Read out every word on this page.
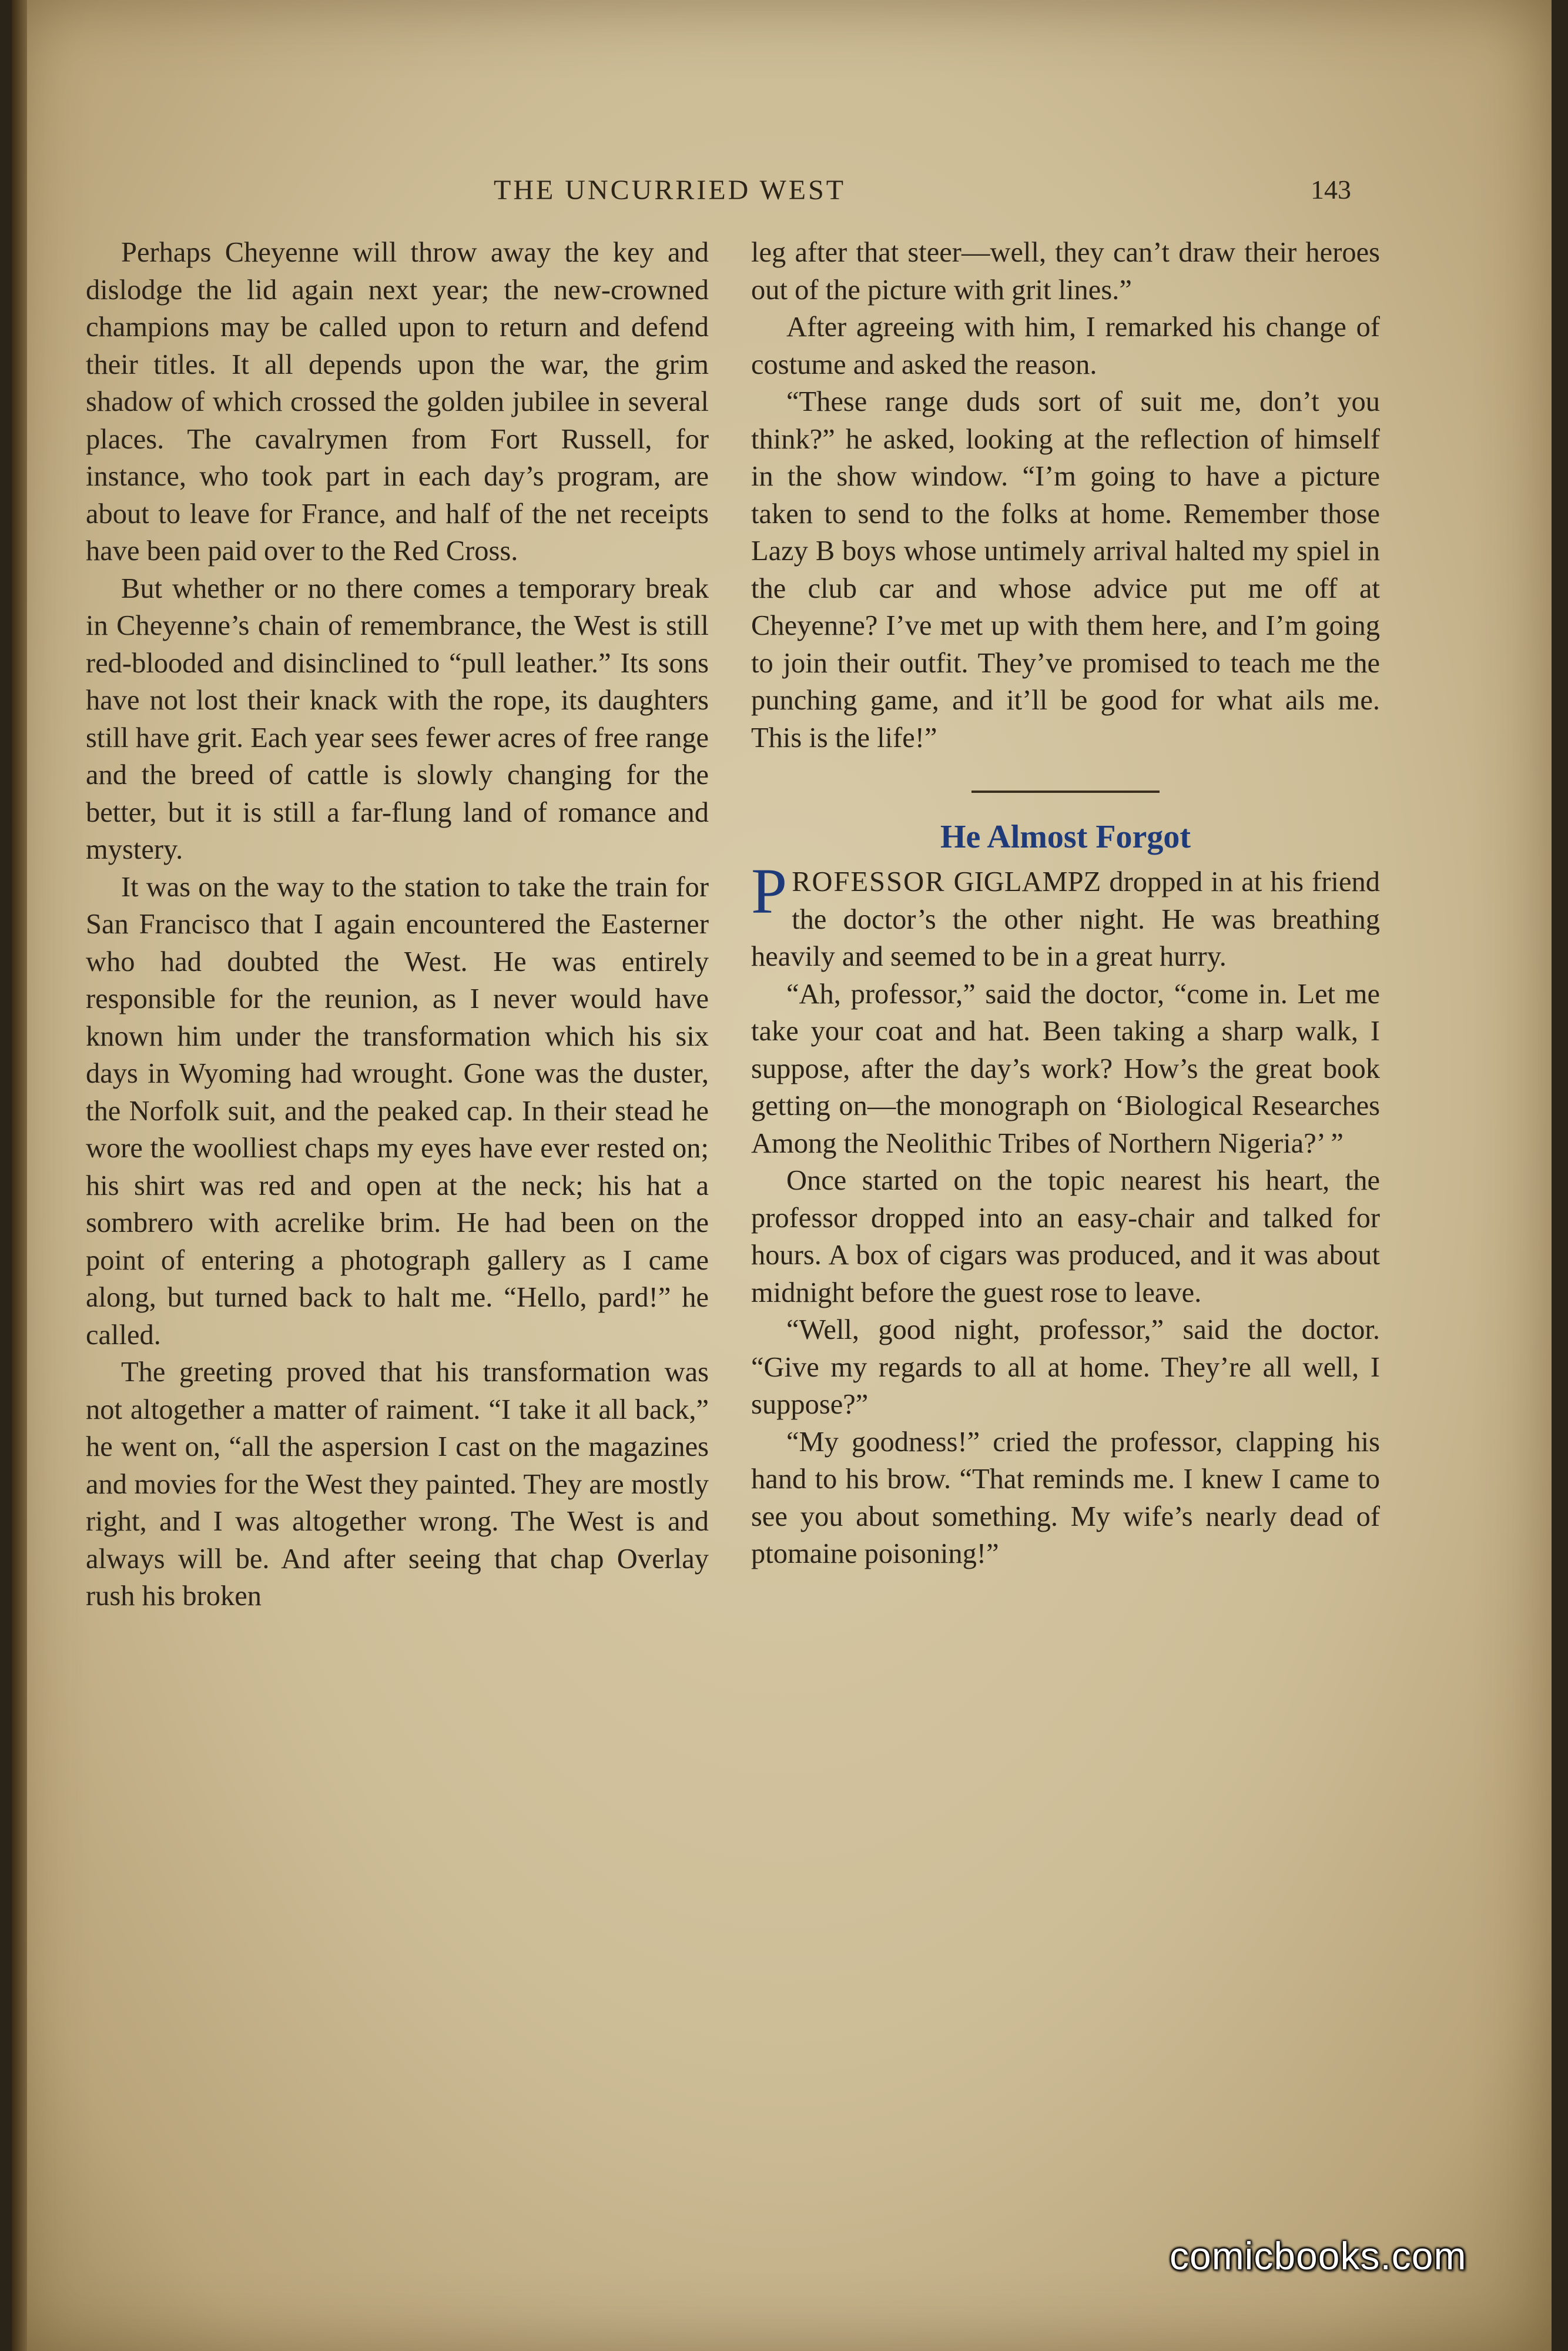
THE UNCURRIED WEST	143

Perhaps Cheyenne will throw away the key and dislodge the lid again next year; the new-crowned champions may be called upon to return and defend their titles. It all depends upon the war, the grim shadow of which crossed the golden jubilee in several places. The cavalrymen from Fort Russell, for instance, who took part in each day’s program, are about to leave for France, and half of the net receipts have been paid over to the Red Cross.

But whether or no there comes a temporary break in Cheyenne’s chain of remembrance, the West is still red-blooded and disinclined to “pull leather.” Its sons have not lost their knack with the rope, its daughters still have grit. Each year sees fewer acres of free range and the breed of cattle is slowly changing for the better, but it is still a far-flung land of romance and mystery.

It was on the way to the station to take the train for San Francisco that I again encountered the Easterner who had doubted the West. He was entirely responsible for the reunion, as I never would have known him under the transformation which his six days in Wyoming had wrought. Gone was the duster, the Norfolk suit, and the peaked cap. In their stead he wore the woolliest chaps my eyes have ever rested on; his shirt was red and open at the neck; his hat a sombrero with acrelike brim. He had been on the point of entering a photograph gallery as I came along, but turned back to halt me. “Hello, pard!” he called.

The greeting proved that his transformation was not altogether a matter of raiment. “I take it all back,” he went on, “all the aspersion I cast on the magazines and movies for the West they painted. They are mostly right, and I was altogether wrong. The West is and always will be. And after seeing that chap Overlay rush his broken

leg after that steer—well, they can’t draw their heroes out of the picture with grit lines.”

After agreeing with him, I remarked his change of costume and asked the reason.

“These range duds sort of suit me, don’t you think?” he asked, looking at the reflection of himself in the show window. “I’m going to have a picture taken to send to the folks at home. Remember those Lazy B boys whose untimely arrival halted my spiel in the club car and whose advice put me off at Cheyenne? I’ve met up with them here, and I’m going to join their outfit. They’ve promised to teach me the punching game, and it’ll be good for what ails me. This is the life!”

He Almost Forgot

PROFESSOR GIGLAMPZ dropped in at his friend the doctor’s the other night. He was breathing heavily and seemed to be in a great hurry.

“Ah, professor,” said the doctor, “come in. Let me take your coat and hat. Been taking a sharp walk, I suppose, after the day’s work? How’s the great book getting on—the monograph on ‘Biological Researches Among the Neolithic Tribes of Northern Nigeria?’ ”

Once started on the topic nearest his heart, the professor dropped into an easy-chair and talked for hours. A box of cigars was produced, and it was about midnight before the guest rose to leave.

“Well, good night, professor,” said the doctor. “Give my regards to all at home. They’re all well, I suppose?”

“My goodness!” cried the professor, clapping his hand to his brow. “That reminds me. I knew I came to see you about something. My wife’s nearly dead of ptomaine poisoning!”

comicbooks.com
